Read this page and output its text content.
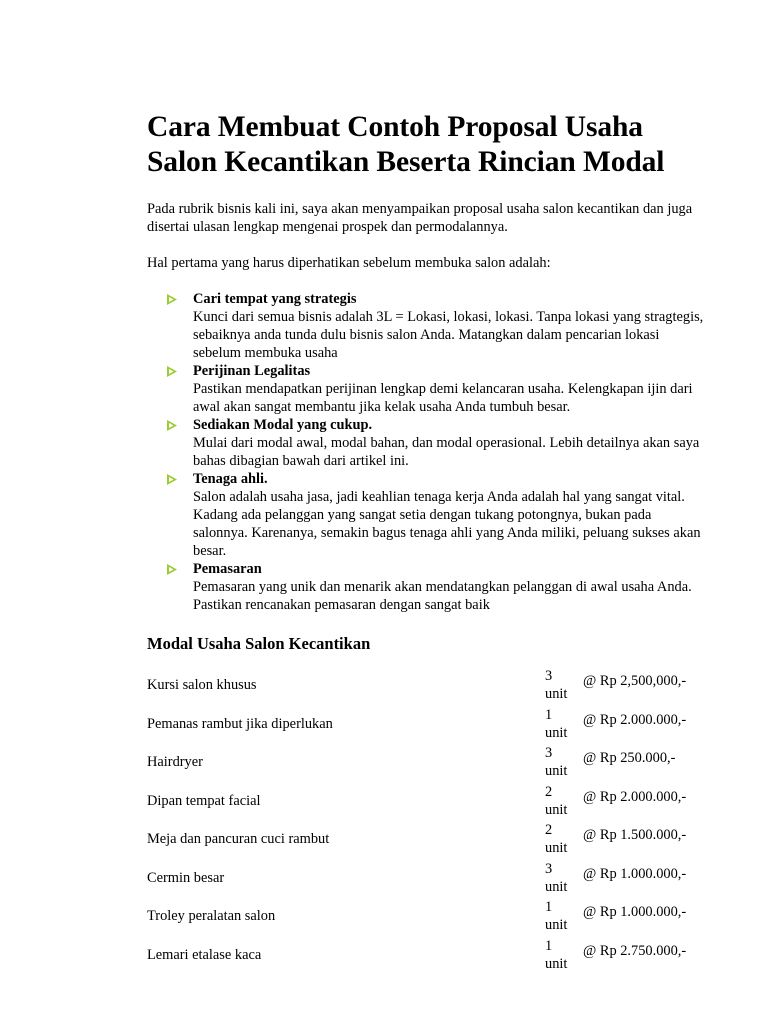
Cara Membuat Contoh Proposal Usaha Salon Kecantikan Beserta Rincian Modal

Pada rubrik bisnis kali ini, saya akan menyampaikan proposal usaha salon kecantikan dan juga disertai ulasan lengkap mengenai prospek dan permodalannya.

Hal pertama yang harus diperhatikan sebelum membuka salon adalah:

Cari tempat yang strategis
Kunci dari semua bisnis adalah 3L = Lokasi, lokasi, lokasi. Tanpa lokasi yang stragtegis, sebaiknya anda tunda dulu bisnis salon Anda. Matangkan dalam pencarian lokasi sebelum membuka usaha
Perijinan Legalitas
Pastikan mendapatkan perijinan lengkap demi kelancaran usaha. Kelengkapan ijin dari awal akan sangat membantu jika kelak usaha Anda tumbuh besar.
Sediakan Modal yang cukup.
Mulai dari modal awal, modal bahan, dan modal operasional. Lebih detailnya akan saya bahas dibagian bawah dari artikel ini.
Tenaga ahli.
Salon adalah usaha jasa, jadi keahlian tenaga kerja Anda adalah hal yang sangat vital. Kadang ada pelanggan yang sangat setia dengan tukang potongnya, bukan pada salonnya. Karenanya, semakin bagus tenaga ahli yang Anda miliki, peluang sukses akan besar.
Pemasaran
Pemasaran yang unik dan menarik akan mendatangkan pelanggan di awal usaha Anda. Pastikan rencanakan pemasaran dengan sangat baik
Modal Usaha Salon Kecantikan
Kursi salon khusus
3
unit
@ Rp 2,500,000,-
Pemanas rambut jika diperlukan
1
unit
@ Rp 2.000.000,-
Hairdryer
3
unit
@ Rp 250.000,-
Dipan tempat facial
2
unit
@ Rp 2.000.000,-
Meja dan pancuran cuci rambut
2
unit
@ Rp 1.500.000,-
Cermin besar
3
unit
@ Rp 1.000.000,-
Troley peralatan salon
1
unit
@ Rp 1.000.000,-
Lemari etalase kaca
1
unit
@ Rp 2.750.000,-
